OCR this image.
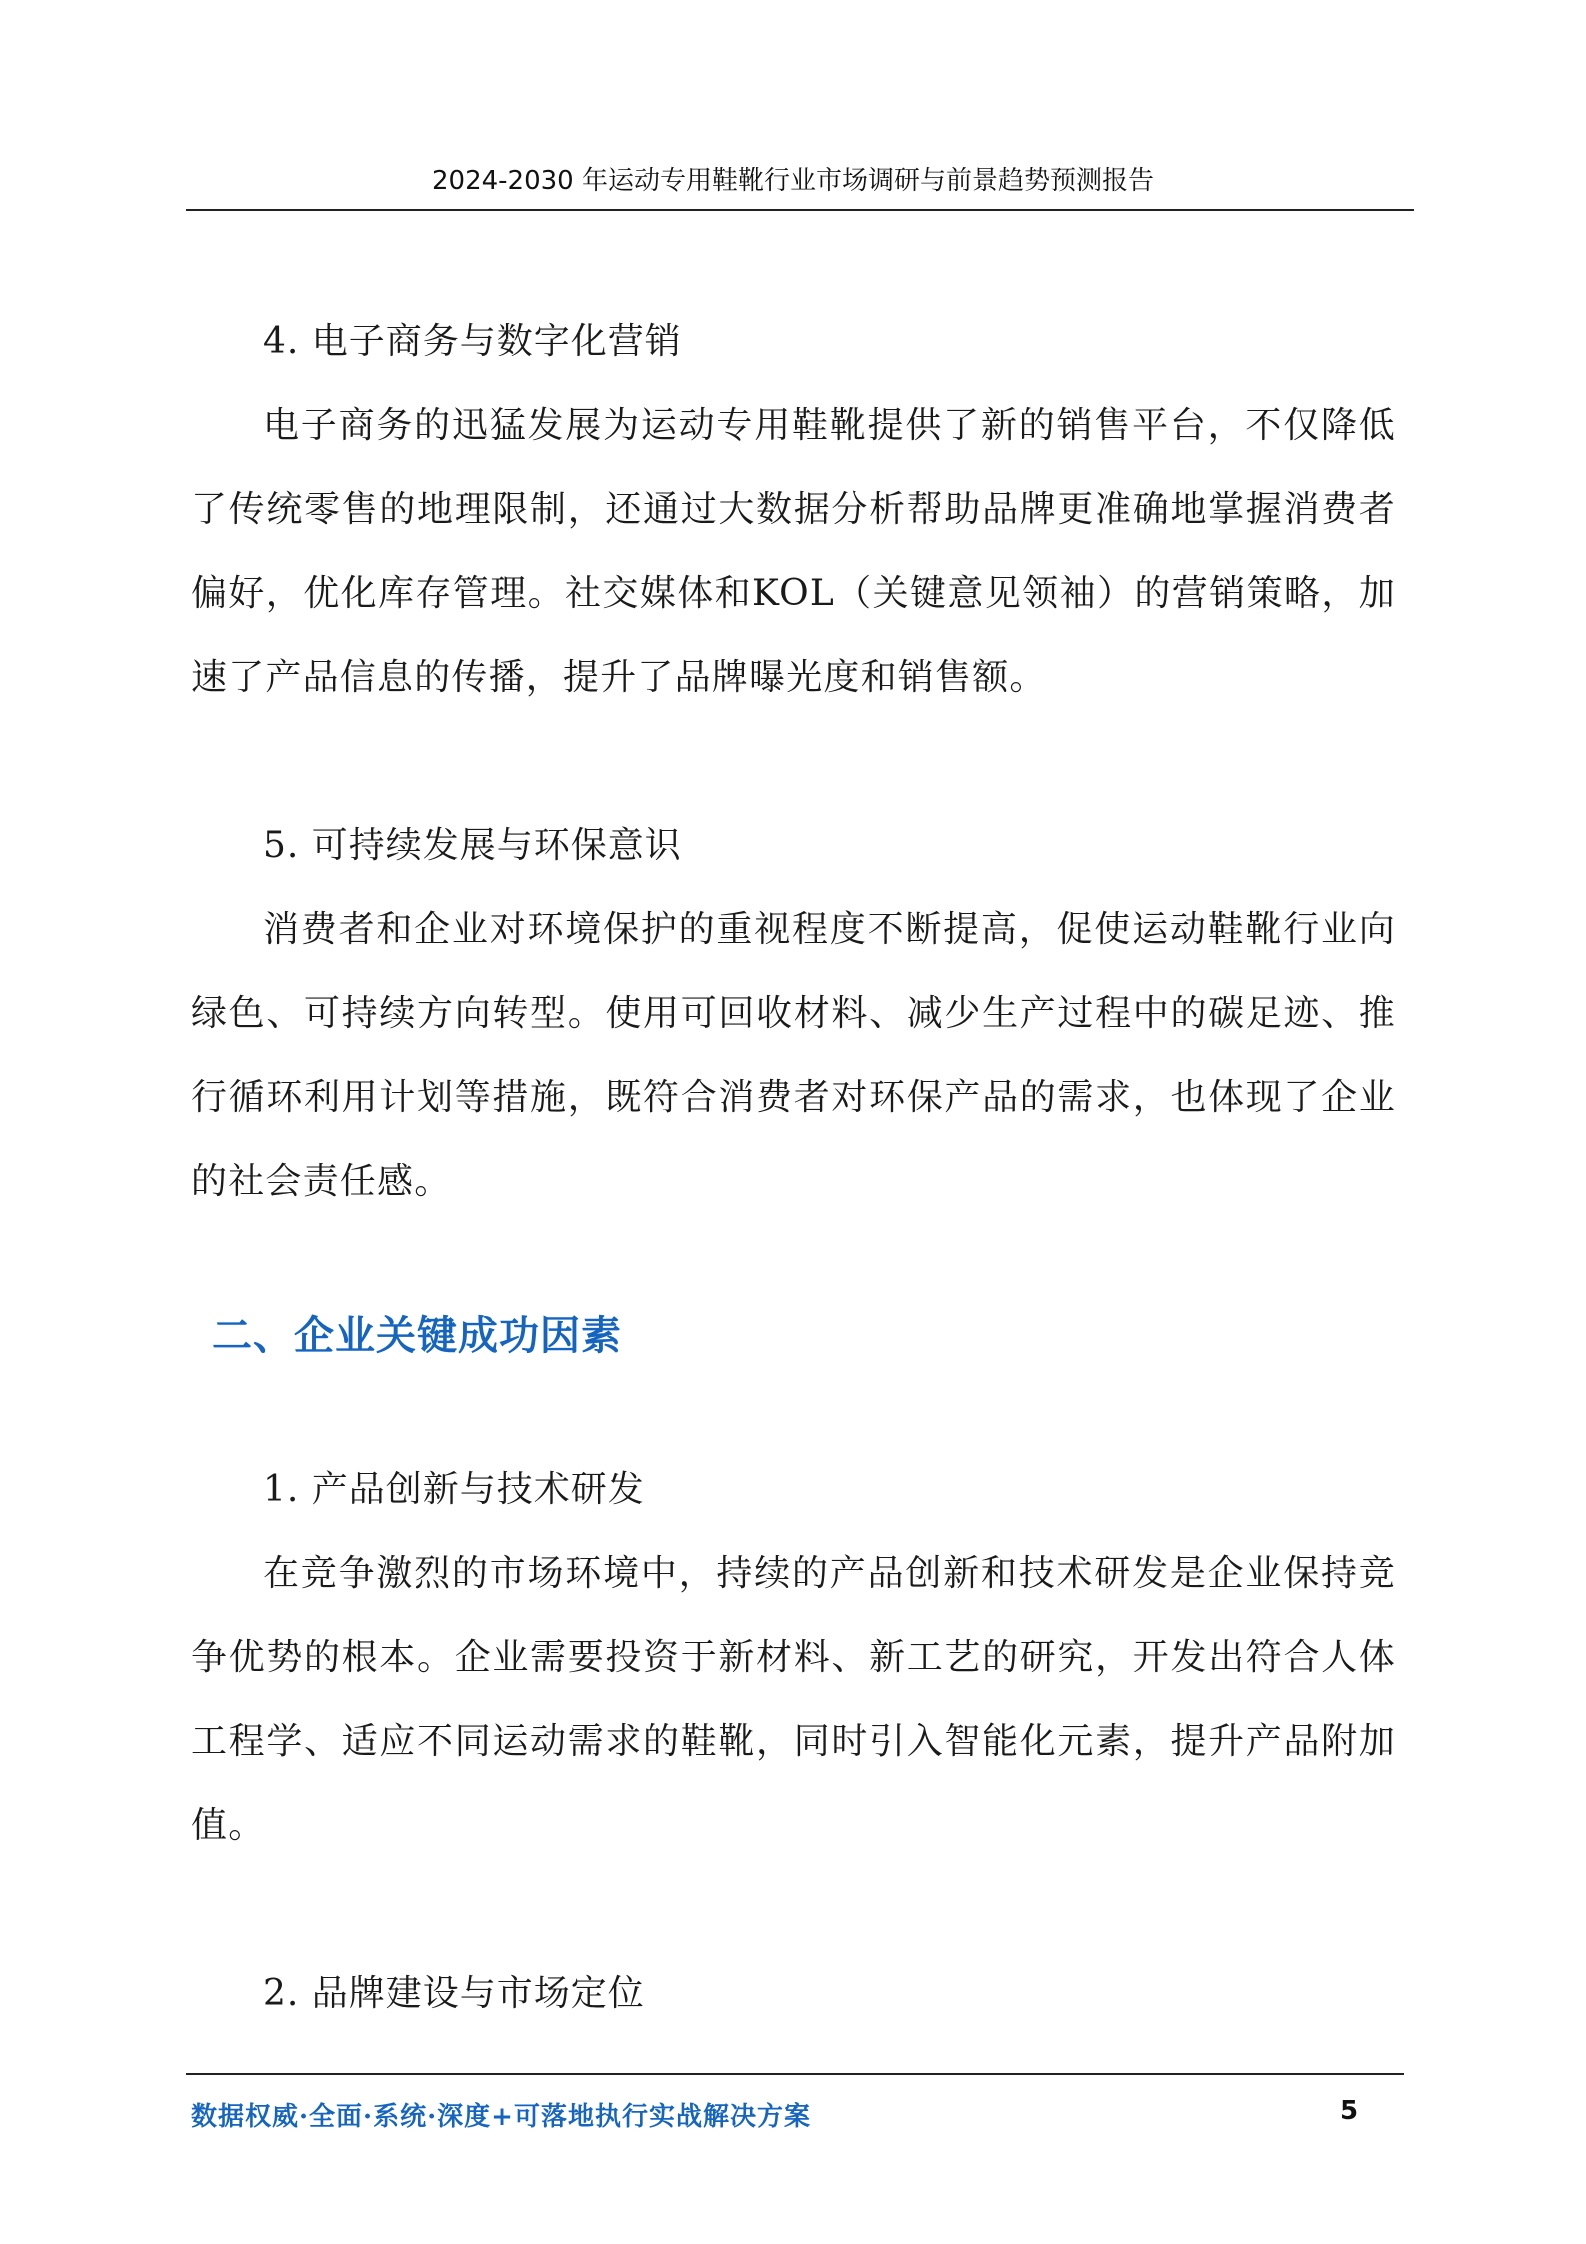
2024-2030 年运动专用鞋靴行业市场调研与前景趋势预测报告

4. 电子商务与数字化营销

电子商务的迅猛发展为运动专用鞋靴提供了新的销售平台，不仅降低了传统零售的地理限制，还通过大数据分析帮助品牌更准确地掌握消费者偏好，优化库存管理。社交媒体和KOL（关键意见领袖）的营销策略，加速了产品信息的传播，提升了品牌曝光度和销售额。

5. 可持续发展与环保意识

消费者和企业对环境保护的重视程度不断提高，促使运动鞋靴行业向绿色、可持续方向转型。使用可回收材料、减少生产过程中的碳足迹、推行循环利用计划等措施，既符合消费者对环保产品的需求，也体现了企业的社会责任感。

二、企业关键成功因素

1. 产品创新与技术研发

在竞争激烈的市场环境中，持续的产品创新和技术研发是企业保持竞争优势的根本。企业需要投资于新材料、新工艺的研究，开发出符合人体工程学、适应不同运动需求的鞋靴，同时引入智能化元素，提升产品附加值。

2. 品牌建设与市场定位

数据权威·全面·系统·深度+可落地执行实战解决方案	5
